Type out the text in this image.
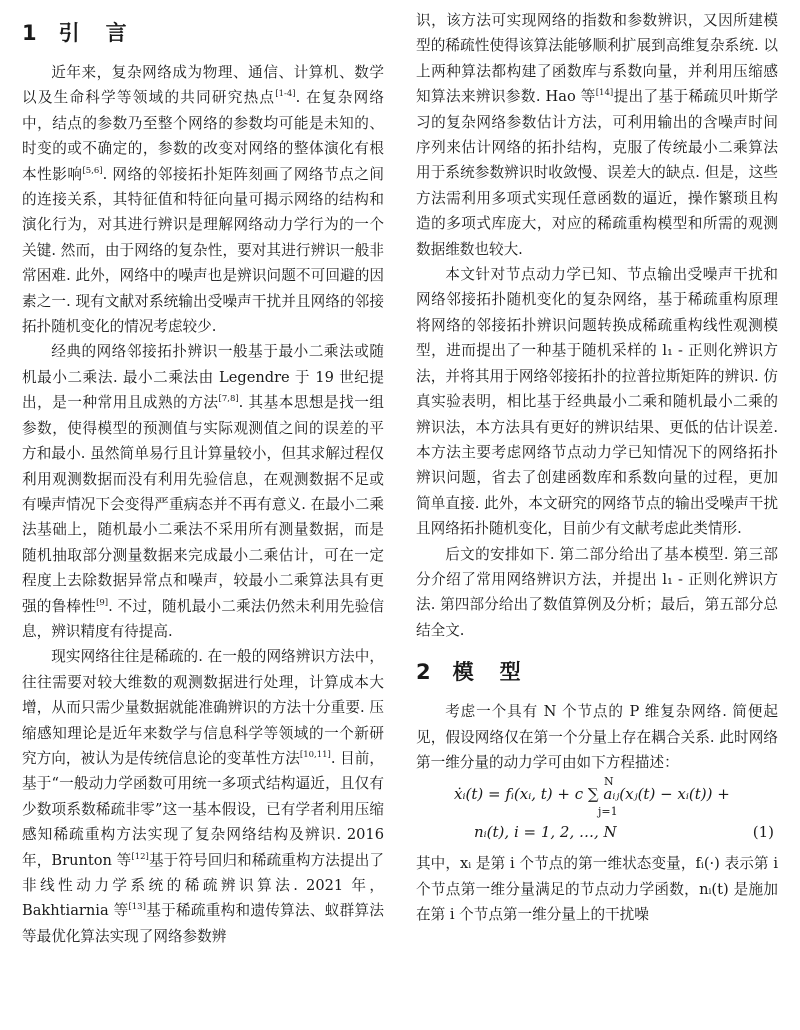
1 引 言

近年来，复杂网络成为物理、通信、计算机、数学以及生命科学等领域的共同研究热点[1-4]. 在复杂网络中，结点的参数乃至整个网络的参数均可能是未知的、时变的或不确定的，参数的改变对网络的整体演化有根本性影响[5,6]. 网络的邻接拓扑矩阵刻画了网络节点之间的连接关系，其特征值和特征向量可揭示网络的结构和演化行为，对其进行辨识是理解网络动力学行为的一个关键. 然而，由于网络的复杂性，要对其进行辨识一般非常困难. 此外，网络中的噪声也是辨识问题不可回避的因素之一. 现有文献对系统输出受噪声干扰并且网络的邻接拓扑随机变化的情况考虑较少.

经典的网络邻接拓扑辨识一般基于最小二乘法或随机最小二乘法. 最小二乘法由 Legendre 于 19 世纪提出，是一种常用且成熟的方法[7,8]. 其基本思想是找一组参数，使得模型的预测值与实际观测值之间的误差的平方和最小. 虽然简单易行且计算量较小，但其求解过程仅利用观测数据而没有利用先验信息，在观测数据不足或有噪声情况下会变得严重病态并不再有意义. 在最小二乘法基础上，随机最小二乘法不采用所有测量数据，而是随机抽取部分测量数据来完成最小二乘估计，可在一定程度上去除数据异常点和噪声，较最小二乘算法具有更强的鲁棒性[9]. 不过，随机最小二乘法仍然未利用先验信息，辨识精度有待提高.

现实网络往往是稀疏的. 在一般的网络辨识方法中，往往需要对较大维数的观测数据进行处理，计算成本大增，从而只需少量数据就能准确辨识的方法十分重要. 压缩感知理论是近年来数学与信息科学等领域的一个新研究方向，被认为是传统信息论的变革性方法[10,11]. 目前，基于“一般动力学函数可用统一多项式结构逼近，且仅有少数项系数稀疏非零”这一基本假设，已有学者利用压缩感知稀疏重构方法实现了复杂网络结构及辨识. 2016 年，Brunton 等[12]基于符号回归和稀疏重构方法提出了非线性动力学系统的稀疏辨识算法. 2021 年，Bakhtiarnia 等[13]基于稀疏重构和遗传算法、蚁群算法等最优化算法实现了网络参数辨

识，该方法可实现网络的指数和参数辨识，又因所建模型的稀疏性使得该算法能够顺利扩展到高维复杂系统. 以上两种算法都构建了函数库与系数向量，并利用压缩感知算法来辨识参数. Hao 等[14]提出了基于稀疏贝叶斯学习的复杂网络参数估计方法，可利用输出的含噪声时间序列来估计网络的拓扑结构，克服了传统最小二乘算法用于系统参数辨识时收敛慢、误差大的缺点. 但是，这些方法需利用多项式实现任意函数的逼近，操作繁琐且构造的多项式库庞大，对应的稀疏重构模型和所需的观测数据维数也较大.

本文针对节点动力学已知、节点输出受噪声干扰和网络邻接拓扑随机变化的复杂网络，基于稀疏重构原理将网络的邻接拓扑辨识问题转换成稀疏重构线性观测模型，进而提出了一种基于随机采样的 l₁ - 正则化辨识方法，并将其用于网络邻接拓扑的拉普拉斯矩阵的辨识. 仿真实验表明，相比基于经典最小二乘和随机最小二乘的辨识法，本方法具有更好的辨识结果、更低的估计误差. 本方法主要考虑网络节点动力学已知情况下的网络拓扑辨识问题，省去了创建函数库和系数向量的过程，更加简单直接. 此外，本文研究的网络节点的输出受噪声干扰且网络拓扑随机变化，目前少有文献考虑此类情形.

后文的安排如下. 第二部分给出了基本模型. 第三部分介绍了常用网络辨识方法，并提出 l₁ - 正则化辨识方法. 第四部分给出了数值算例及分析；最后，第五部分总结全文.

2 模 型

考虑一个具有 N 个节点的 P 维复杂网络. 简便起见，假设网络仅在第一个分量上存在耦合关系. 此时网络第一维分量的动力学可由如下方程描述：

ẋᵢ(t) = fᵢ(xᵢ, t) + c ∑ aᵢⱼ(xⱼ(t) − xᵢ(t)) +
N
j=1
nᵢ(t), i = 1, 2, …, N	(1)

其中，xᵢ 是第 i 个节点的第一维状态变量，fᵢ(·) 表示第 i 个节点第一维分量满足的节点动力学函数，nᵢ(t) 是施加在第 i 个节点第一维分量上的干扰噪
